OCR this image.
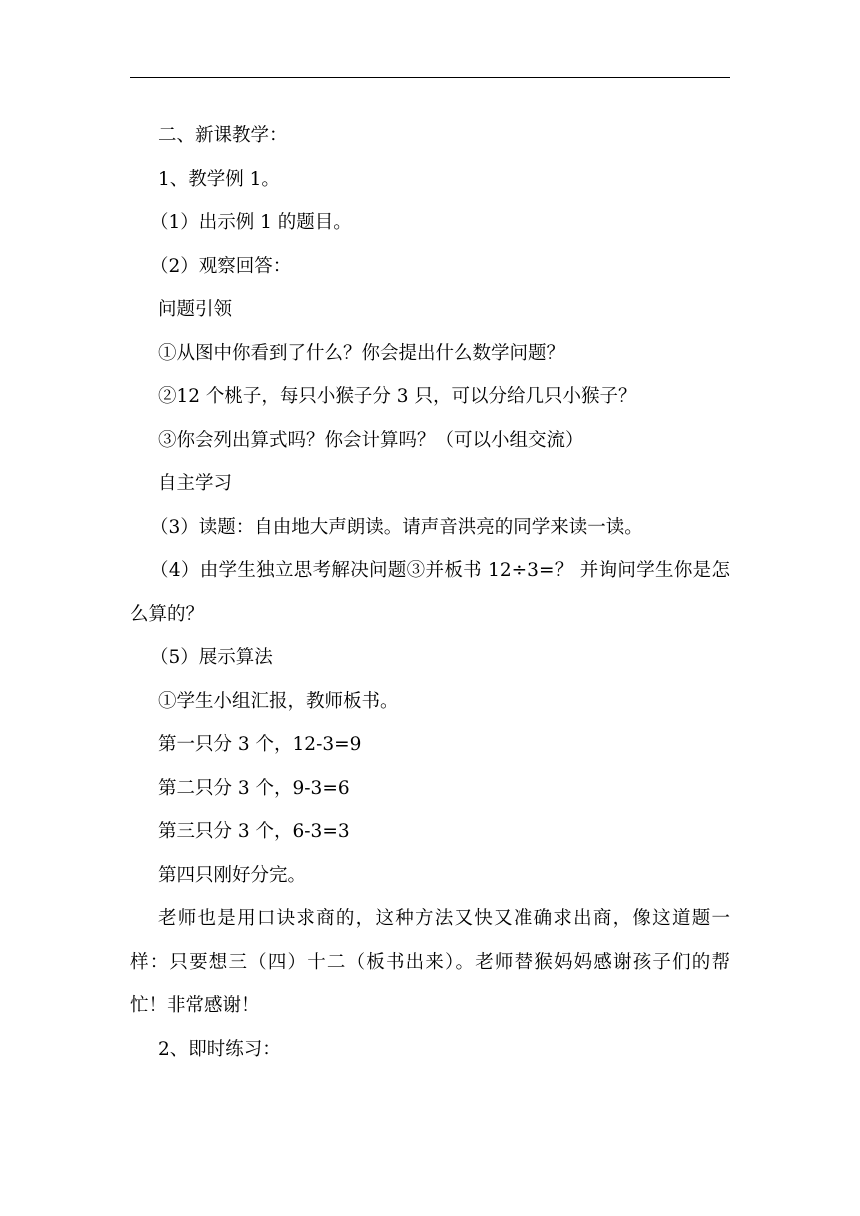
二、新课教学：

1、教学例 1。

（1）出示例 1 的题目。

（2）观察回答：

问题引领

①从图中你看到了什么？你会提出什么数学问题？

②12 个桃子，每只小猴子分 3 只，可以分给几只小猴子？

③你会列出算式吗？你会计算吗？（可以小组交流）

自主学习

（3）读题：自由地大声朗读。请声音洪亮的同学来读一读。

（4）由学生独立思考解决问题③并板书 12÷3=？ 并询问学生你是怎么算的？

（5）展示算法

①学生小组汇报，教师板书。

第一只分 3 个，12-3=9

第二只分 3 个，9-3=6

第三只分 3 个，6-3=3

第四只刚好分完。

老师也是用口诀求商的，这种方法又快又准确求出商，像这道题一样：只要想三（四）十二（板书出来）。老师替猴妈妈感谢孩子们的帮忙！非常感谢！

2、即时练习：
